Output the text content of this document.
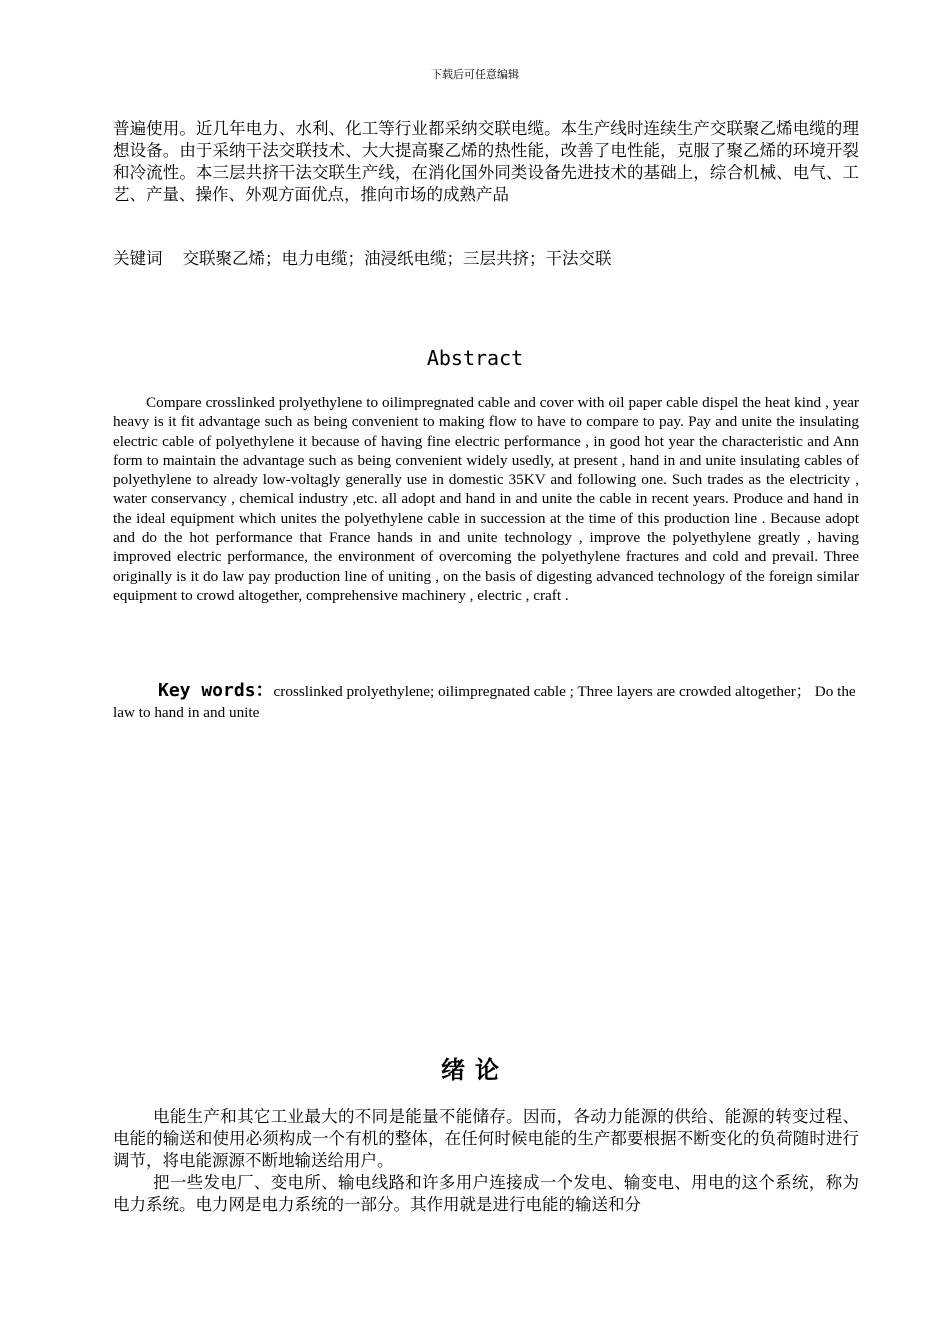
下载后可任意编辑

普遍使用。近几年电力、水利、化工等行业都采纳交联电缆。本生产线时连续生产交联聚乙烯电缆的理想设备。由于采纳干法交联技术、大大提高聚乙烯的热性能，改善了电性能，克服了聚乙烯的环境开裂和冷流性。本三层共挤干法交联生产线，在消化国外同类设备先进技术的基础上，综合机械、电气、工艺、产量、操作、外观方面优点，推向市场的成熟产品

关键词 交联聚乙烯；电力电缆；油浸纸电缆；三层共挤；干法交联

Abstract

Compare crosslinked prolyethylene to oilimpregnated cable and cover with oil paper cable dispel the heat kind , year heavy is it fit advantage such as being convenient to making flow to have to compare to pay. Pay and unite the insulating electric cable of polyethylene it because of having fine electric performance , in good hot year the characteristic and Ann form to maintain the advantage such as being convenient widely usedly, at present , hand in and unite insulating cables of polyethylene to already low-voltagly generally use in domestic 35KV and following one. Such trades as the electricity , water conservancy , chemical industry ,etc. all adopt and hand in and unite the cable in recent years. Produce and hand in the ideal equipment which unites the polyethylene cable in succession at the time of this production line . Because adopt and do the hot performance that France hands in and unite technology , improve the polyethylene greatly , having improved electric performance, the environment of overcoming the polyethylene fractures and cold and prevail. Three originally is it do law pay production line of uniting , on the basis of digesting advanced technology of the foreign similar equipment to crowd altogether, comprehensive machinery , electric , craft .

Key words：crosslinked prolyethylene; oilimpregnated cable ; Three layers are crowded altogether； Do the law to hand in and unite

绪论

电能生产和其它工业最大的不同是能量不能储存。因而，各动力能源的供给、能源的转变过程、电能的输送和使用必须构成一个有机的整体，在任何时候电能的生产都要根据不断变化的负荷随时进行调节，将电能源源不断地输送给用户。

把一些发电厂、变电所、输电线路和许多用户连接成一个发电、输变电、用电的这个系统，称为电力系统。电力网是电力系统的一部分。其作用就是进行电能的输送和分
